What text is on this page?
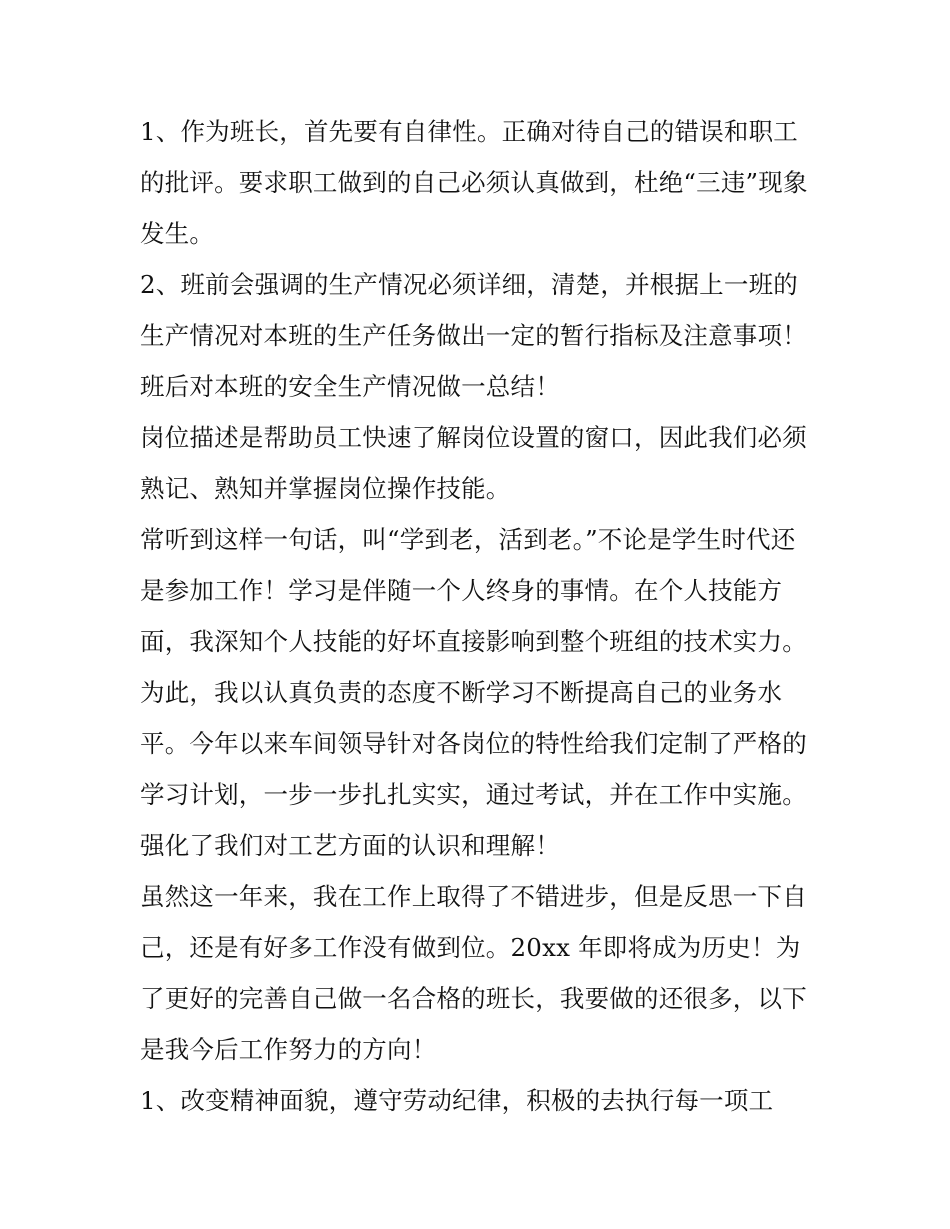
1、作为班长，首先要有自律性。正确对待自己的错误和职工
的批评。要求职工做到的自己必须认真做到，杜绝“三违”现象
发生。
2、班前会强调的生产情况必须详细，清楚，并根据上一班的
生产情况对本班的生产任务做出一定的暂行指标及注意事项！
班后对本班的安全生产情况做一总结！
岗位描述是帮助员工快速了解岗位设置的窗口，因此我们必须
熟记、熟知并掌握岗位操作技能。
常听到这样一句话，叫“学到老，活到老。”不论是学生时代还
是参加工作！学习是伴随一个人终身的事情。在个人技能方
面，我深知个人技能的好坏直接影响到整个班组的技术实力。
为此，我以认真负责的态度不断学习不断提高自己的业务水
平。今年以来车间领导针对各岗位的特性给我们定制了严格的
学习计划，一步一步扎扎实实，通过考试，并在工作中实施。
强化了我们对工艺方面的认识和理解！
虽然这一年来，我在工作上取得了不错进步，但是反思一下自
己，还是有好多工作没有做到位。20xx 年即将成为历史！为
了更好的完善自己做一名合格的班长，我要做的还很多，以下
是我今后工作努力的方向！
1、改变精神面貌，遵守劳动纪律，积极的去执行每一项工
